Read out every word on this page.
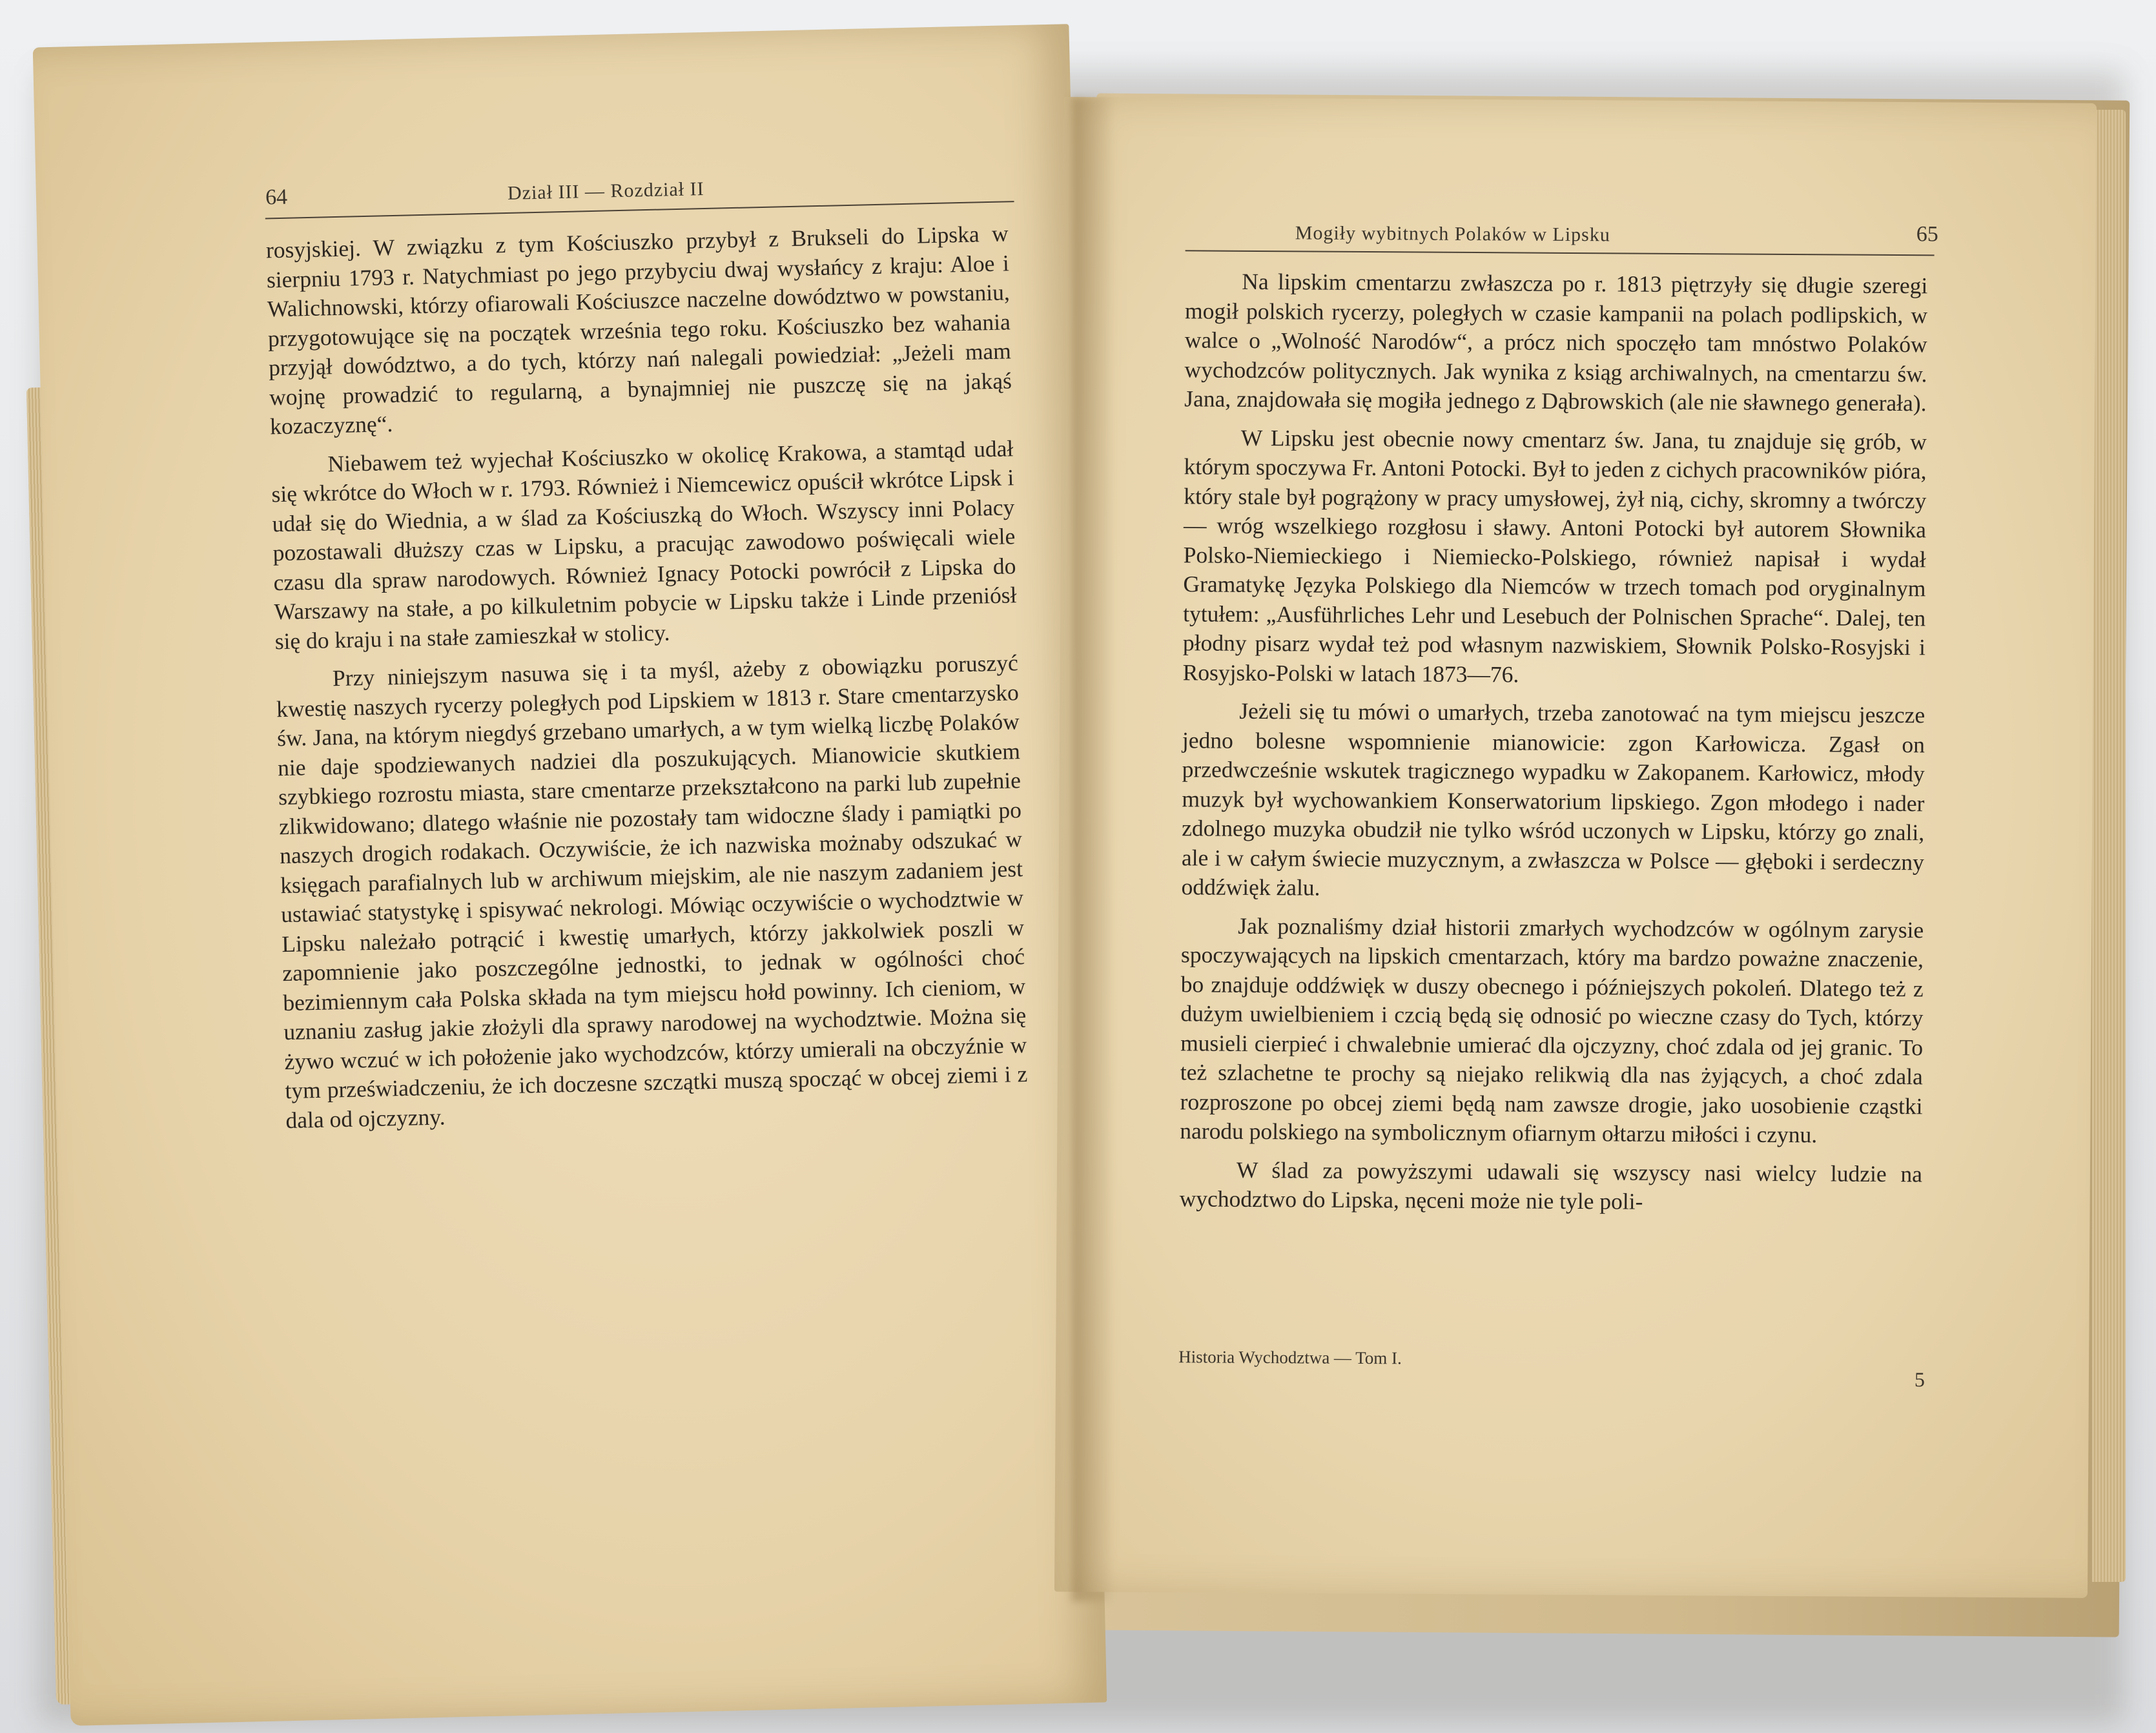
64	Dział III — Rozdział II

rosyjskiej. W związku z tym Kościuszko przybył z Brukseli do Lipska w sierpniu 1793 r. Natychmiast po jego przybyciu dwaj wysłańcy z kraju: Aloe i Walichnowski, którzy ofiarowali Kościuszce naczelne dowództwo w powstaniu, przygotowujące się na początek września tego roku. Kościuszko bez wahania przyjął dowództwo, a do tych, którzy nań nalegali powiedział: „Jeżeli mam wojnę prowadzić to regularną, a bynajmniej nie puszczę się na jakąś kozaczyznę“.

Niebawem też wyjechał Kościuszko w okolicę Krakowa, a stamtąd udał się wkrótce do Włoch w r. 1793. Również i Niemcewicz opuścił wkrótce Lipsk i udał się do Wiednia, a w ślad za Kościuszką do Włoch. Wszyscy inni Polacy pozostawali dłuższy czas w Lipsku, a pracując zawodowo poświęcali wiele czasu dla spraw narodowych. Również Ignacy Potocki powrócił z Lipska do Warszawy na stałe, a po kilkuletnim pobycie w Lipsku także i Linde przeniósł się do kraju i na stałe zamieszkał w stolicy.

Przy niniejszym nasuwa się i ta myśl, ażeby z obowiązku poruszyć kwestię naszych rycerzy poległych pod Lipskiem w 1813 r. Stare cmentarzysko św. Jana, na którym niegdyś grzebano umarłych, a w tym wielką liczbę Polaków nie daje spodziewanych nadziei dla poszukujących. Mianowicie skutkiem szybkiego rozrostu miasta, stare cmentarze przekształcono na parki lub zupełnie zlikwidowano; dlatego właśnie nie pozostały tam widoczne ślady i pamiątki po naszych drogich rodakach. Oczywiście, że ich nazwiska możnaby odszukać w księgach parafialnych lub w archiwum miejskim, ale nie naszym zadaniem jest ustawiać statystykę i spisywać nekrologi. Mówiąc oczywiście o wychodztwie w Lipsku należało potrącić i kwestię umarłych, którzy jakkolwiek poszli w zapomnienie jako poszczególne jednostki, to jednak w ogólności choć bezimiennym cała Polska składa na tym miejscu hołd powinny. Ich cieniom, w uznaniu zasług jakie złożyli dla sprawy narodowej na wychodztwie. Można się żywo wczuć w ich położenie jako wychodzców, którzy umierali na obczyźnie w tym przeświadczeniu, że ich doczesne szczątki muszą spocząć w obcej ziemi i z dala od ojczyzny.

Mogiły wybitnych Polaków w Lipsku	65

Na lipskim cmentarzu zwłaszcza po r. 1813 piętrzyły się długie szeregi mogił polskich rycerzy, poległych w czasie kampanii na polach podlipskich, w walce o „Wolność Narodów“, a prócz nich spoczęło tam mnóstwo Polaków wychodzców politycznych. Jak wynika z ksiąg archiwalnych, na cmentarzu św. Jana, znajdowała się mogiła jednego z Dąbrowskich (ale nie sławnego generała).

W Lipsku jest obecnie nowy cmentarz św. Jana, tu znajduje się grób, w którym spoczywa Fr. Antoni Potocki. Był to jeden z cichych pracowników pióra, który stale był pogrążony w pracy umysłowej, żył nią, cichy, skromny a twórczy — wróg wszelkiego rozgłosu i sławy. Antoni Potocki był autorem Słownika Polsko-Niemieckiego i Niemiecko-Polskiego, również napisał i wydał Gramatykę Języka Polskiego dla Niemców w trzech tomach pod oryginalnym tytułem: „Ausführliches Lehr und Lesebuch der Polnischen Sprache“. Dalej, ten płodny pisarz wydał też pod własnym nazwiskiem, Słownik Polsko-Rosyjski i Rosyjsko-Polski w latach 1873—76.

Jeżeli się tu mówi o umarłych, trzeba zanotować na tym miejscu jeszcze jedno bolesne wspomnienie mianowicie: zgon Karłowicza. Zgasł on przedwcześnie wskutek tragicznego wypadku w Zakopanem. Karłowicz, młody muzyk był wychowankiem Konserwatorium lipskiego. Zgon młodego i nader zdolnego muzyka obudził nie tylko wśród uczonych w Lipsku, którzy go znali, ale i w całym świecie muzycznym, a zwłaszcza w Polsce — głęboki i serdeczny oddźwięk żalu.

Jak poznaliśmy dział historii zmarłych wychodzców w ogólnym zarysie spoczywających na lipskich cmentarzach, który ma bardzo poważne znaczenie, bo znajduje oddźwięk w duszy obecnego i późniejszych pokoleń. Dlatego też z dużym uwielbieniem i czcią będą się odnosić po wieczne czasy do Tych, którzy musieli cierpieć i chwalebnie umierać dla ojczyzny, choć zdala od jej granic. To też szlachetne te prochy są niejako relikwią dla nas żyjących, a choć zdala rozproszone po obcej ziemi będą nam zawsze drogie, jako uosobienie cząstki narodu polskiego na symbolicznym ofiarnym ołtarzu miłości i czynu.

W ślad za powyższymi udawali się wszyscy nasi wielcy ludzie na wychodztwo do Lipska, nęceni może nie tyle poli-

Historia Wychodztwa — Tom I.
5
